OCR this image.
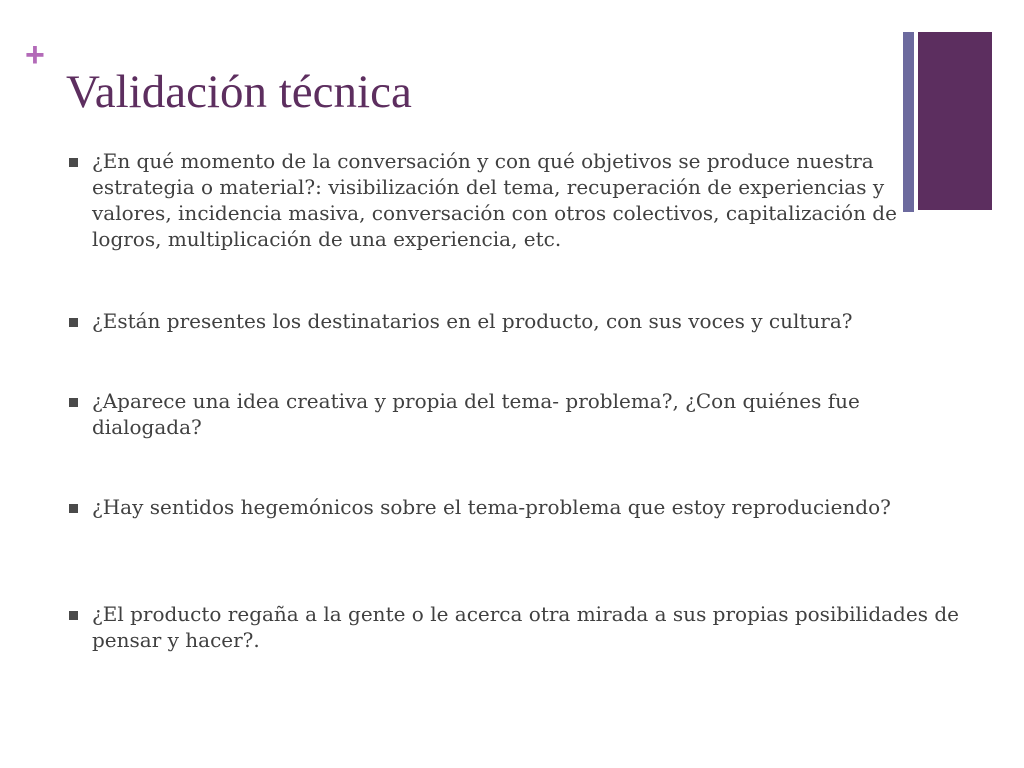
+
Validación técnica
¿En qué momento de la conversación y con qué objetivos se produce nuestra estrategia o material?: visibilización del tema, recuperación de experiencias y valores, incidencia masiva, conversación con otros colectivos, capitalización de logros, multiplicación de una experiencia, etc.
¿Están presentes los destinatarios en el producto, con sus voces y cultura?
¿Aparece una idea creativa y propia del tema- problema?, ¿Con quiénes fue dialogada?
¿Hay sentidos hegemónicos sobre el tema-problema que estoy reproduciendo?
¿El producto regaña a la gente o le acerca otra mirada a sus propias posibilidades de pensar y hacer?.
